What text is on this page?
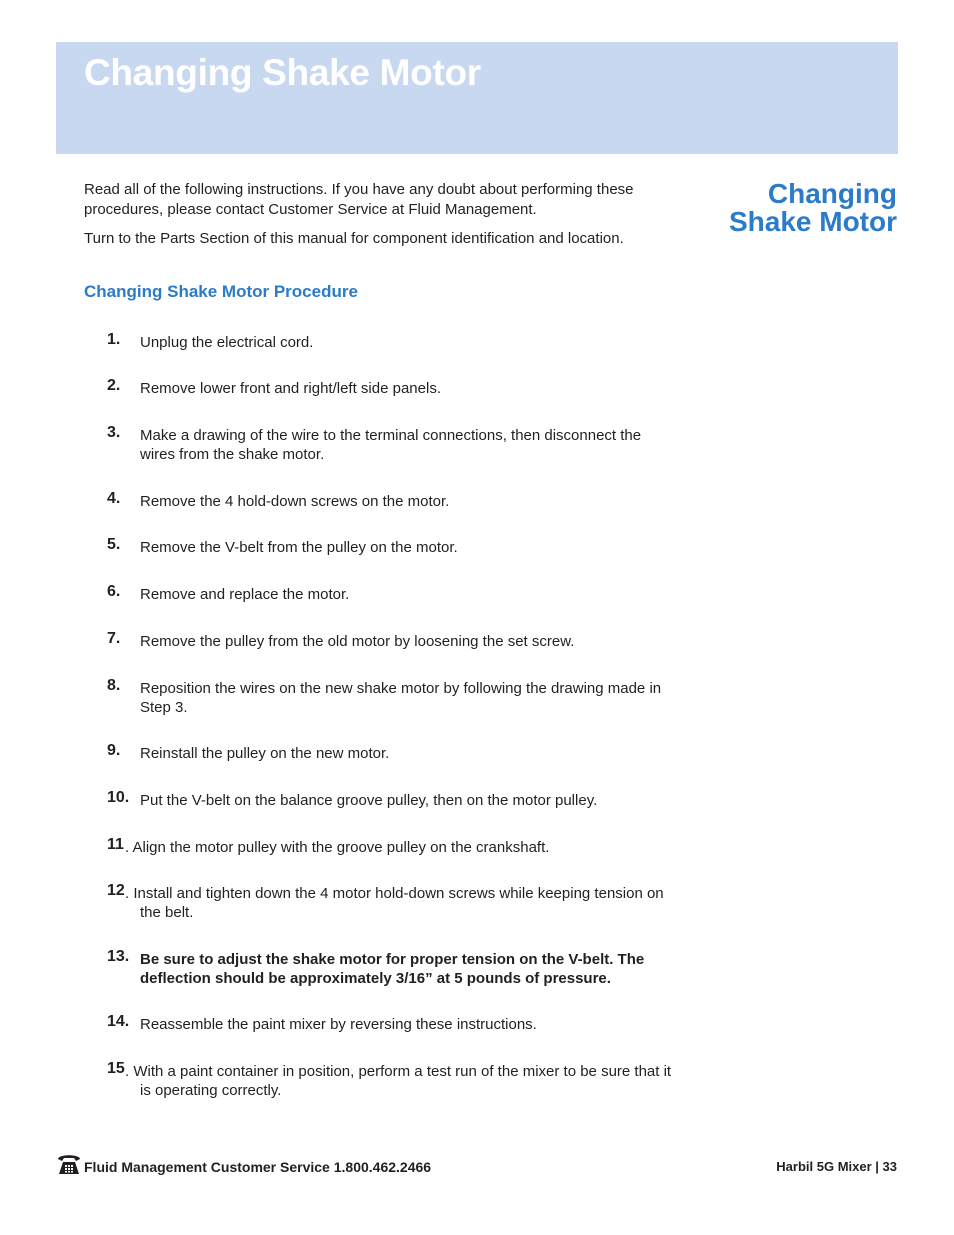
Changing Shake Motor

Read all of the following instructions. If you have any doubt about performing these procedures, please contact Customer Service at Fluid Management.

Turn to the Parts Section of this manual for component identification and location.

Changing
Shake Motor
Changing Shake Motor Procedure
1. Unplug the electrical cord.
2. Remove lower front and right/left side panels.
3. Make a drawing of the wire to the terminal connections, then disconnect the wires from the shake motor.
4. Remove the 4 hold-down screws on the motor.
5. Remove the V-belt from the pulley on the motor.
6. Remove and replace the motor.
7. Remove the pulley from the old motor by loosening the set screw.
8. Reposition the wires on the new shake motor by following the drawing made in Step 3.
9. Reinstall the pulley on the new motor.
10. Put the V-belt on the balance groove pulley, then on the motor pulley.
11 . Align the motor pulley with the groove pulley on the crankshaft.
12 . Install and tighten down the 4 motor hold-down screws while keeping tension on the belt.
13. Be sure to adjust the shake motor for proper tension on the V-belt. The deflection should be approximately 3/16” at 5 pounds of pressure.
14. Reassemble the paint mixer by reversing these instructions.
15 . With a paint container in position, perform a test run of the mixer to be sure that it is operating correctly.
Fluid Management Customer Service 1.800.462.2466	Harbil 5G Mixer | 33
